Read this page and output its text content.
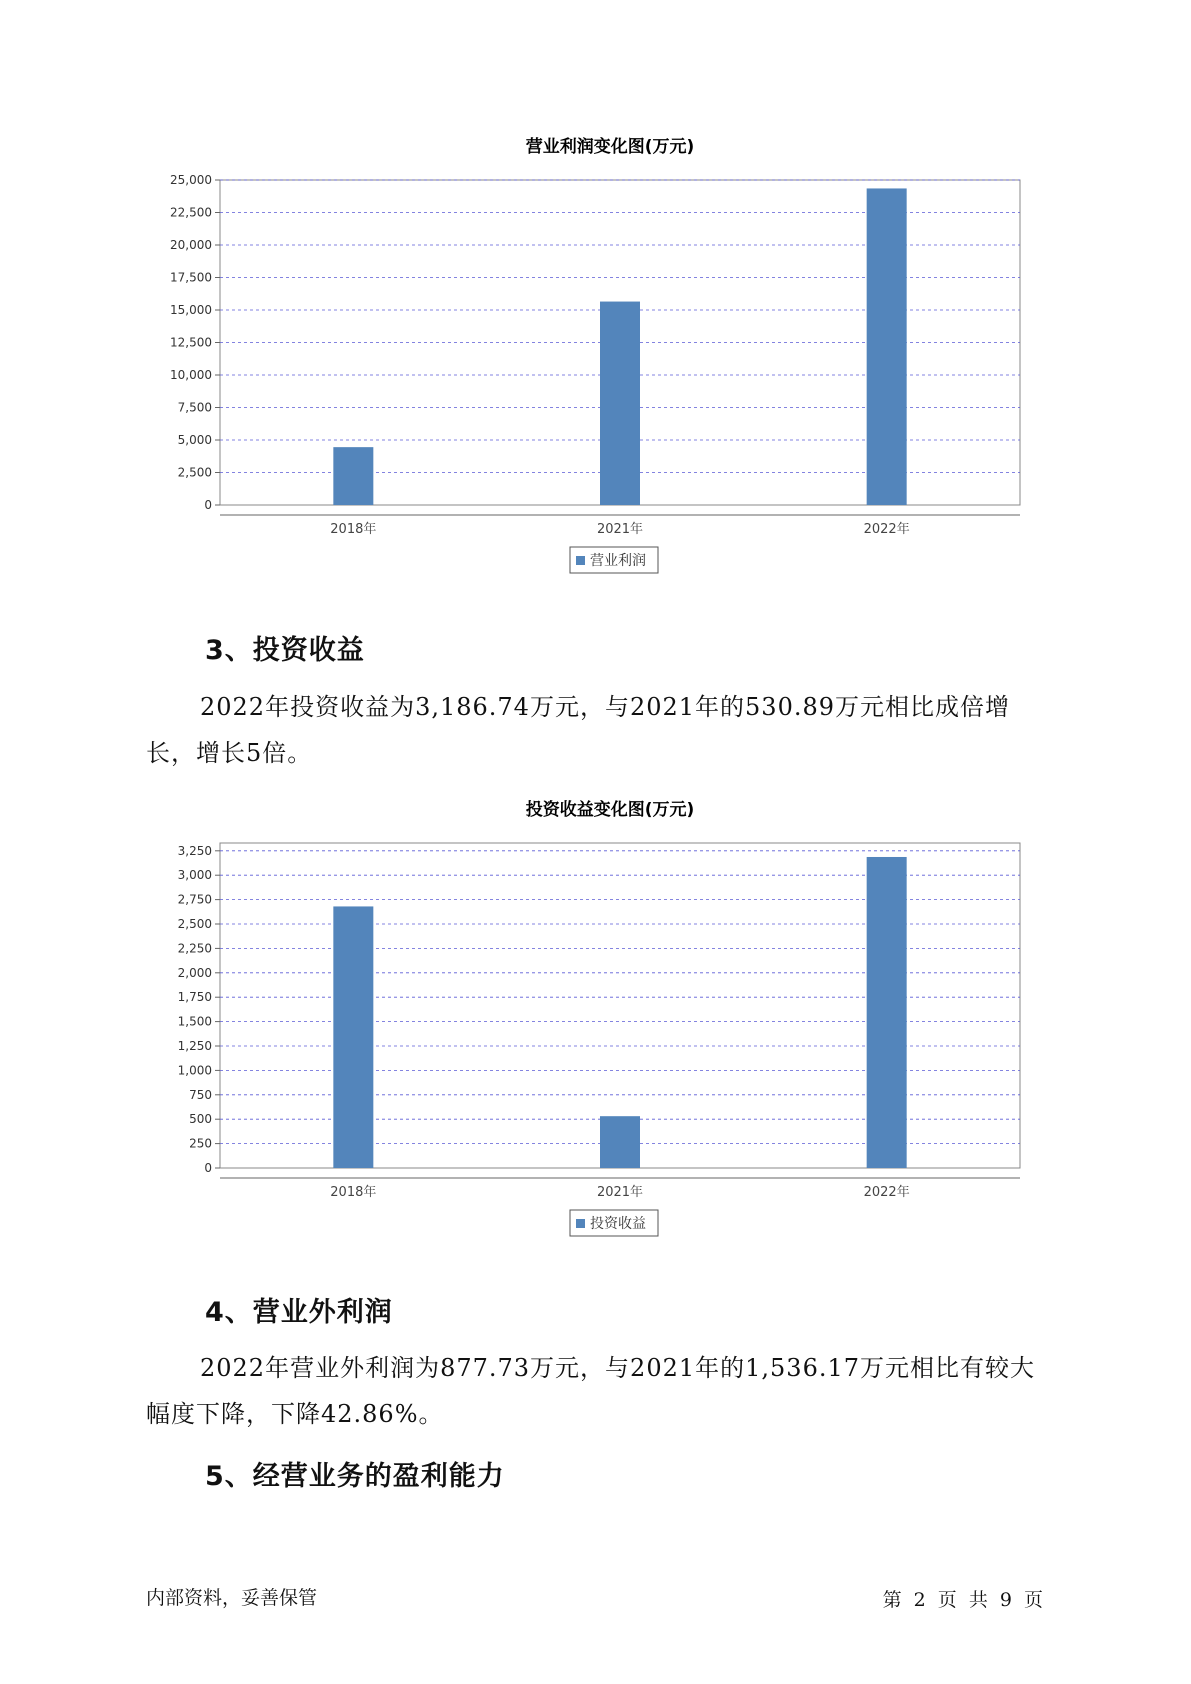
营业利润变化图(万元)
0
2,500
5,000
7,500
10,000
12,500
15,000
17,500
20,000
22,500
25,000
2018年	2021年	2022年
营业利润
3、投资收益

2022年投资收益为3,186.74万元，与2021年的530.89万元相比成倍增长，增长5倍。

投资收益变化图(万元)
0
250
500
750
1,000
1,250
1,500
1,750
2,000
2,250
2,500
2,750
3,000
3,250
2018年	2021年	2022年
投资收益
4、营业外利润

2022年营业外利润为877.73万元，与2021年的1,536.17万元相比有较大幅度下降，下降42.86%。

5、经营业务的盈利能力
内部资料，妥善保管	第 2 页 共 9 页
